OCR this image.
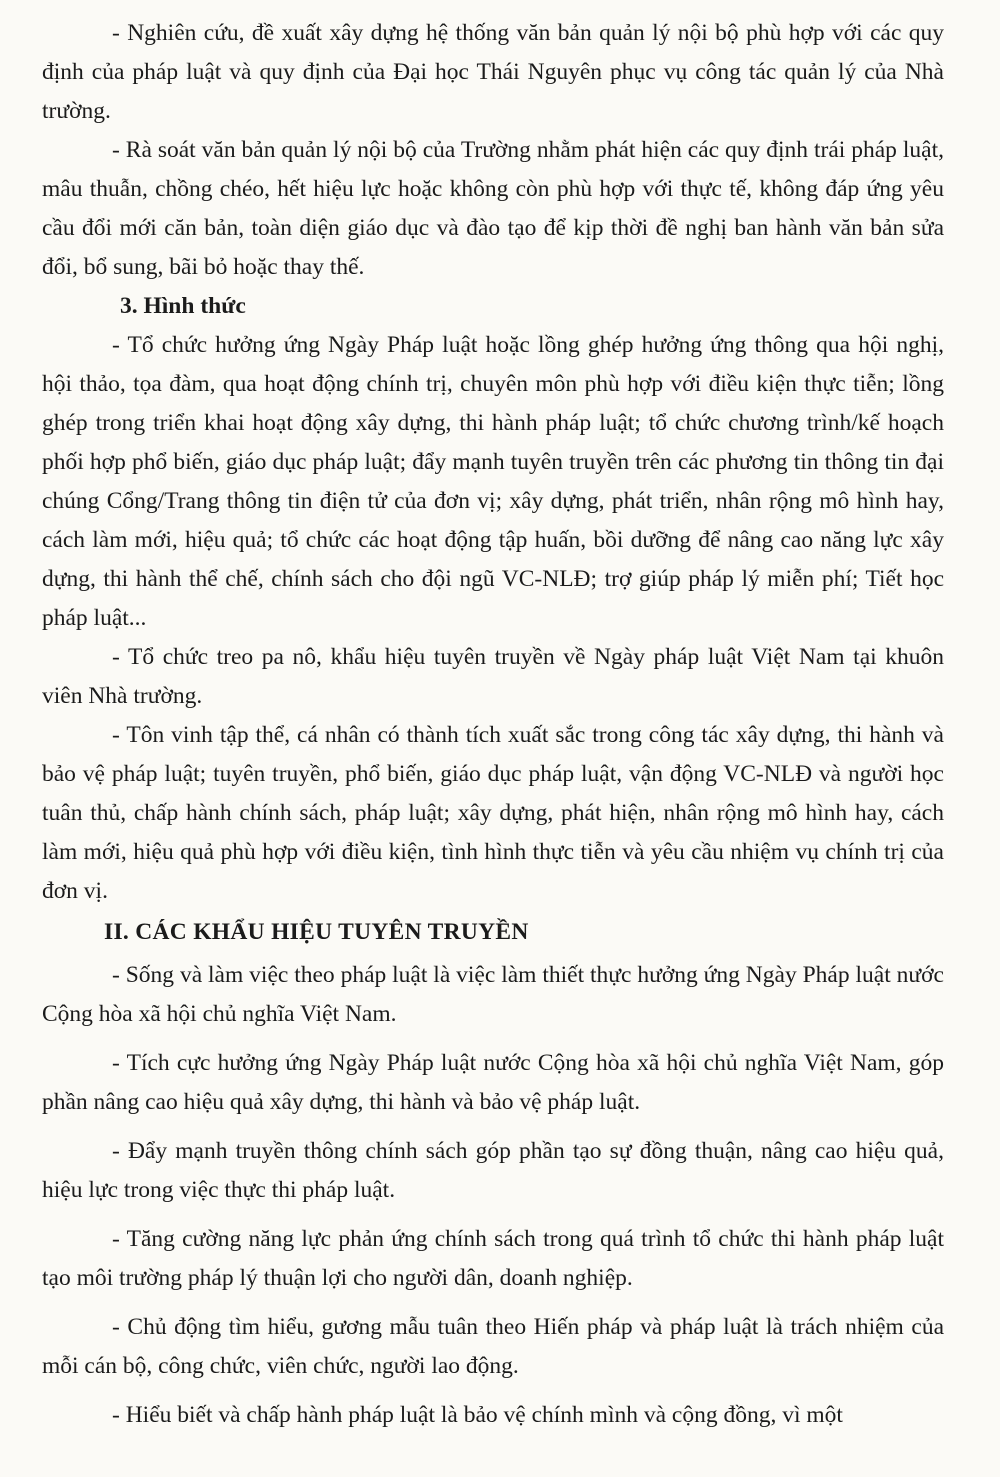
- Nghiên cứu, đề xuất xây dựng hệ thống văn bản quản lý nội bộ phù hợp với các quy định của pháp luật và quy định của Đại học Thái Nguyên phục vụ công tác quản lý của Nhà trường.

- Rà soát văn bản quản lý nội bộ của Trường nhằm phát hiện các quy định trái pháp luật, mâu thuẫn, chồng chéo, hết hiệu lực hoặc không còn phù hợp với thực tế, không đáp ứng yêu cầu đổi mới căn bản, toàn diện giáo dục và đào tạo để kịp thời đề nghị ban hành văn bản sửa đổi, bổ sung, bãi bỏ hoặc thay thế.

3. Hình thức

- Tổ chức hưởng ứng Ngày Pháp luật hoặc lồng ghép hưởng ứng thông qua hội nghị, hội thảo, tọa đàm, qua hoạt động chính trị, chuyên môn phù hợp với điều kiện thực tiễn; lồng ghép trong triển khai hoạt động xây dựng, thi hành pháp luật; tổ chức chương trình/kế hoạch phối hợp phổ biến, giáo dục pháp luật; đẩy mạnh tuyên truyền trên các phương tin thông tin đại chúng Cổng/Trang thông tin điện tử của đơn vị; xây dựng, phát triển, nhân rộng mô hình hay, cách làm mới, hiệu quả; tổ chức các hoạt động tập huấn, bồi dưỡng để nâng cao năng lực xây dựng, thi hành thể chế, chính sách cho đội ngũ VC-NLĐ; trợ giúp pháp lý miễn phí; Tiết học pháp luật...

- Tổ chức treo pa nô, khẩu hiệu tuyên truyền về Ngày pháp luật Việt Nam tại khuôn viên Nhà trường.

- Tôn vinh tập thể, cá nhân có thành tích xuất sắc trong công tác xây dựng, thi hành và bảo vệ pháp luật; tuyên truyền, phổ biến, giáo dục pháp luật, vận động VC-NLĐ và người học tuân thủ, chấp hành chính sách, pháp luật; xây dựng, phát hiện, nhân rộng mô hình hay, cách làm mới, hiệu quả phù hợp với điều kiện, tình hình thực tiễn và yêu cầu nhiệm vụ chính trị của đơn vị.

II. CÁC KHẨU HIỆU TUYÊN TRUYỀN

- Sống và làm việc theo pháp luật là việc làm thiết thực hưởng ứng Ngày Pháp luật nước Cộng hòa xã hội chủ nghĩa Việt Nam.

- Tích cực hưởng ứng Ngày Pháp luật nước Cộng hòa xã hội chủ nghĩa Việt Nam, góp phần nâng cao hiệu quả xây dựng, thi hành và bảo vệ pháp luật.

- Đẩy mạnh truyền thông chính sách góp phần tạo sự đồng thuận, nâng cao hiệu quả, hiệu lực trong việc thực thi pháp luật.

- Tăng cường năng lực phản ứng chính sách trong quá trình tổ chức thi hành pháp luật tạo môi trường pháp lý thuận lợi cho người dân, doanh nghiệp.

- Chủ động tìm hiểu, gương mẫu tuân theo Hiến pháp và pháp luật là trách nhiệm của mỗi cán bộ, công chức, viên chức, người lao động.

- Hiểu biết và chấp hành pháp luật là bảo vệ chính mình và cộng đồng, vì một
